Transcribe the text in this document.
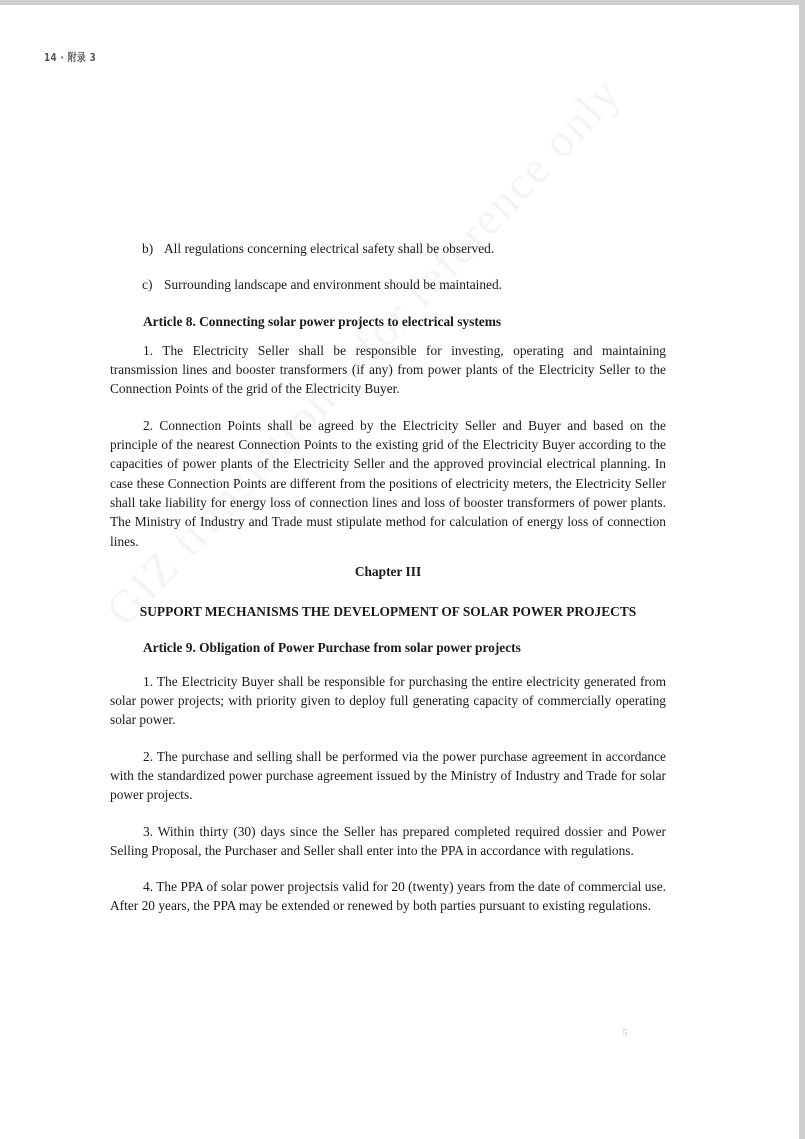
14 · 附录 3

b) All regulations concerning electrical safety shall be observed.

c) Surrounding landscape and environment should be maintained.

Article 8. Connecting solar power projects to electrical systems

1. The Electricity Seller shall be responsible for investing, operating and maintaining transmission lines and booster transformers (if any) from power plants of the Electricity Seller to the Connection Points of the grid of the Electricity Buyer.

2. Connection Points shall be agreed by the Electricity Seller and Buyer and based on the principle of the nearest Connection Points to the existing grid of the Electricity Buyer according to the capacities of power plants of the Electricity Seller and the approved provincial electrical planning. In case these Connection Points are different from the positions of electricity meters, the Electricity Seller shall take liability for energy loss of connection lines and loss of booster transformers of power plants. The Ministry of Industry and Trade must stipulate method for calculation of energy loss of connection lines.

Chapter III

SUPPORT MECHANISMS THE DEVELOPMENT OF SOLAR POWER PROJECTS

Article 9. Obligation of Power Purchase from solar power projects

1. The Electricity Buyer shall be responsible for purchasing the entire electricity generated from solar power projects; with priority given to deploy full generating capacity of commercially operating solar power.

2. The purchase and selling shall be performed via the power purchase agreement in accordance with the standardized power purchase agreement issued by the Ministry of Industry and Trade for solar power projects.

3. Within thirty (30) days since the Seller has prepared completed required dossier and Power Selling Proposal, the Purchaser and Seller shall enter into the PPA in accordance with regulations.

4. The PPA of solar power projectsis valid for 20 (twenty) years from the date of commercial use. After 20 years, the PPA may be extended or renewed by both parties pursuant to existing regulations.

5
